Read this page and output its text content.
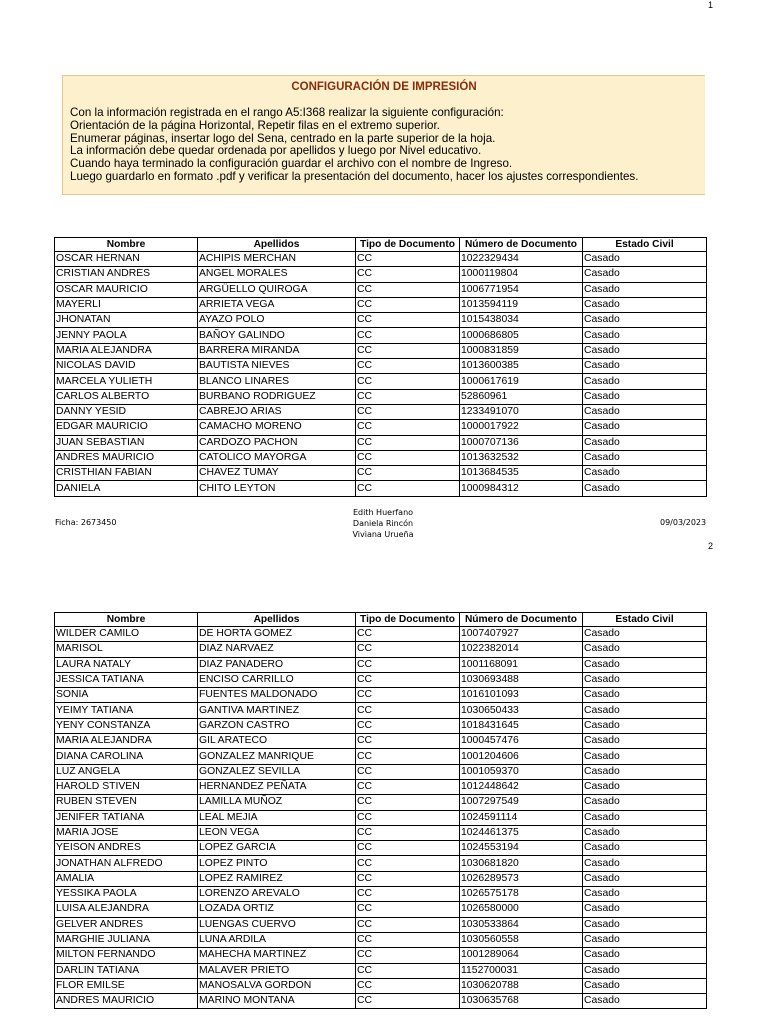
1
CONFIGURACIÓN DE IMPRESIÓN
Con la información registrada en el rango A5:I368 realizar la siguiente configuración:
Orientación de la página Horizontal, Repetir filas en el extremo superior.
Enumerar páginas, insertar logo del Sena, centrado en la parte superior de la hoja.
La información debe quedar ordenada por apellidos y luego por Nivel educativo.
Cuando haya terminado la configuración guardar el archivo con el nombre de Ingreso.
Luego guardarlo en formato .pdf y verificar la presentación del documento, hacer los ajustes correspondientes.
Nombre	Apellidos	Tipo de Documento	Número de Documento	Estado Civil
OSCAR HERNAN	ACHIPIS MERCHAN	CC	1022329434	Casado
CRISTIAN ANDRES	ANGEL MORALES	CC	1000119804	Casado
OSCAR MAURICIO	ARGÜELLO QUIROGA	CC	1006771954	Casado
MAYERLI	ARRIETA VEGA	CC	1013594119	Casado
JHONATAN	AYAZO POLO	CC	1015438034	Casado
JENNY PAOLA	BAÑOY GALINDO	CC	1000686805	Casado
MARIA ALEJANDRA	BARRERA MIRANDA	CC	1000831859	Casado
NICOLAS DAVID	BAUTISTA NIEVES	CC	1013600385	Casado
MARCELA YULIETH	BLANCO LINARES	CC	1000617619	Casado
CARLOS ALBERTO	BURBANO RODRIGUEZ	CC	52860961	Casado
DANNY YESID	CABREJO ARIAS	CC	1233491070	Casado
EDGAR MAURICIO	CAMACHO MORENO	CC	1000017922	Casado
JUAN SEBASTIAN	CARDOZO PACHON	CC	1000707136	Casado
ANDRES MAURICIO	CATOLICO MAYORGA	CC	1013632532	Casado
CRISTHIAN FABIAN	CHAVEZ TUMAY	CC	1013684535	Casado
DANIELA	CHITO LEYTON	CC	1000984312	Casado
Ficha: 2673450
Edith Huerfano
Daniela Rincón
Viviana Urueña
09/03/2023
2
Nombre	Apellidos	Tipo de Documento	Número de Documento	Estado Civil
WILDER CAMILO	DE HORTA GOMEZ	CC	1007407927	Casado
MARISOL	DIAZ NARVAEZ	CC	1022382014	Casado
LAURA NATALY	DIAZ PANADERO	CC	1001168091	Casado
JESSICA TATIANA	ENCISO CARRILLO	CC	1030693488	Casado
SONIA	FUENTES MALDONADO	CC	1016101093	Casado
YEIMY TATIANA	GANTIVA MARTINEZ	CC	1030650433	Casado
YENY CONSTANZA	GARZON CASTRO	CC	1018431645	Casado
MARIA ALEJANDRA	GIL ARATECO	CC	1000457476	Casado
DIANA CAROLINA	GONZALEZ MANRIQUE	CC	1001204606	Casado
LUZ ANGELA	GONZALEZ SEVILLA	CC	1001059370	Casado
HAROLD STIVEN	HERNANDEZ PEÑATA	CC	1012448642	Casado
RUBEN STEVEN	LAMILLA MUÑOZ	CC	1007297549	Casado
JENIFER TATIANA	LEAL MEJIA	CC	1024591114	Casado
MARIA JOSE	LEON VEGA	CC	1024461375	Casado
YEISON ANDRES	LOPEZ GARCIA	CC	1024553194	Casado
JONATHAN ALFREDO	LOPEZ PINTO	CC	1030681820	Casado
AMALIA	LOPEZ RAMIREZ	CC	1026289573	Casado
YESSIKA PAOLA	LORENZO AREVALO	CC	1026575178	Casado
LUISA ALEJANDRA	LOZADA ORTIZ	CC	1026580000	Casado
GELVER ANDRES	LUENGAS CUERVO	CC	1030533864	Casado
MARGHIE JULIANA	LUNA ARDILA	CC	1030560558	Casado
MILTON FERNANDO	MAHECHA MARTINEZ	CC	1001289064	Casado
DARLIN TATIANA	MALAVER PRIETO	CC	1152700031	Casado
FLOR EMILSE	MANOSALVA GORDON	CC	1030620788	Casado
ANDRES MAURICIO	MARINO MONTANA	CC	1030635768	Casado
